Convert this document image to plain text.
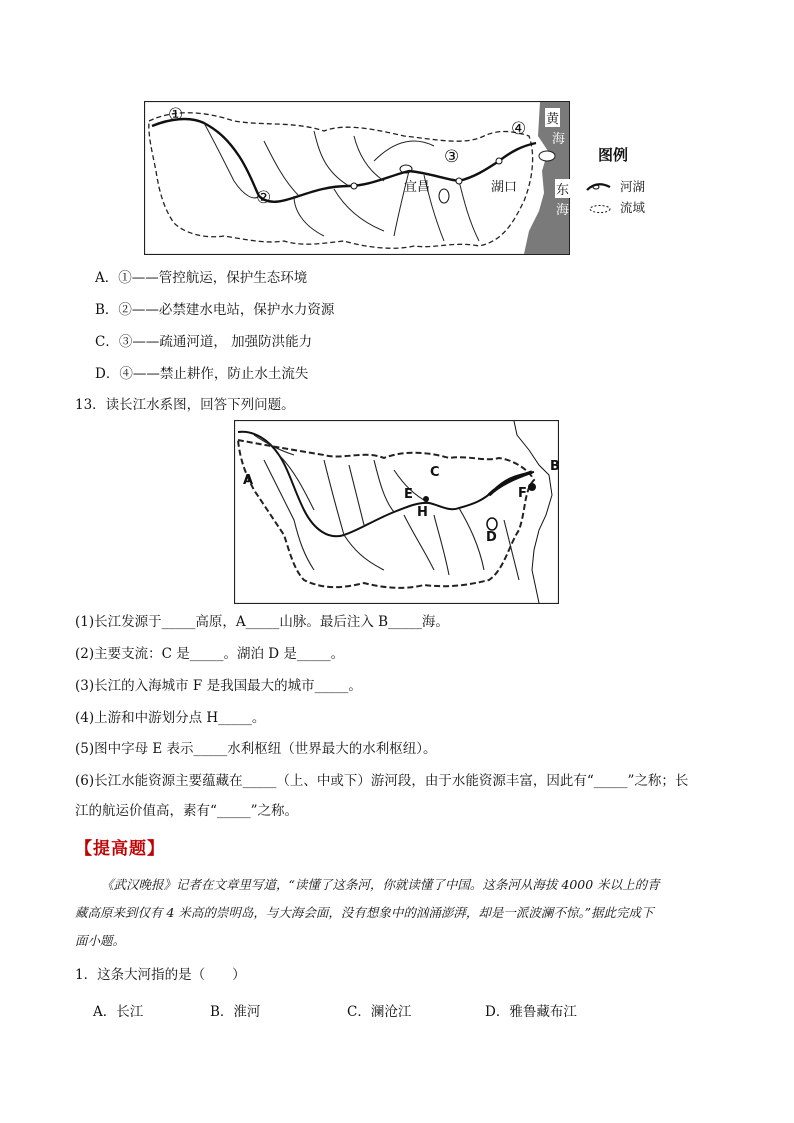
①
②
③
④
宜昌	湖口
黄
海
东
海
图例
河湖
流域
A．①——管控航运，保护生态环境
B．②——必禁建水电站，保护水力资源
C．③——疏通河道， 加强防洪能力
D．④——禁止耕作，防止水土流失
13．读长江水系图，回答下列问题。
A
B
C
D
E	F
H
(1)长江发源于_____高原，A_____山脉。最后注入 B_____海。
(2)主要支流：C 是_____。湖泊 D 是_____。
(3)长江的入海城市 F 是我国最大的城市_____。
(4)上游和中游划分点 H_____。
(5)图中字母 E 表示_____水利枢纽（世界最大的水利枢纽）。
(6)长江水能资源主要蕴藏在_____（上、中或下）游河段，由于水能资源丰富，因此有“_____”之称；长
江的航运价值高，素有“_____”之称。
【提高题】
《武汉晚报》记者在文章里写道，“读懂了这条河，你就读懂了中国。这条河从海拔 4000 米以上的青
藏高原来到仅有 4 米高的崇明岛，与大海会面，没有想象中的汹涌澎湃，却是一派波澜不惊。”据此完成下
面小题。
1．这条大河指的是（　　）
A．长江	B．淮河	C．澜沧江	D．雅鲁藏布江
